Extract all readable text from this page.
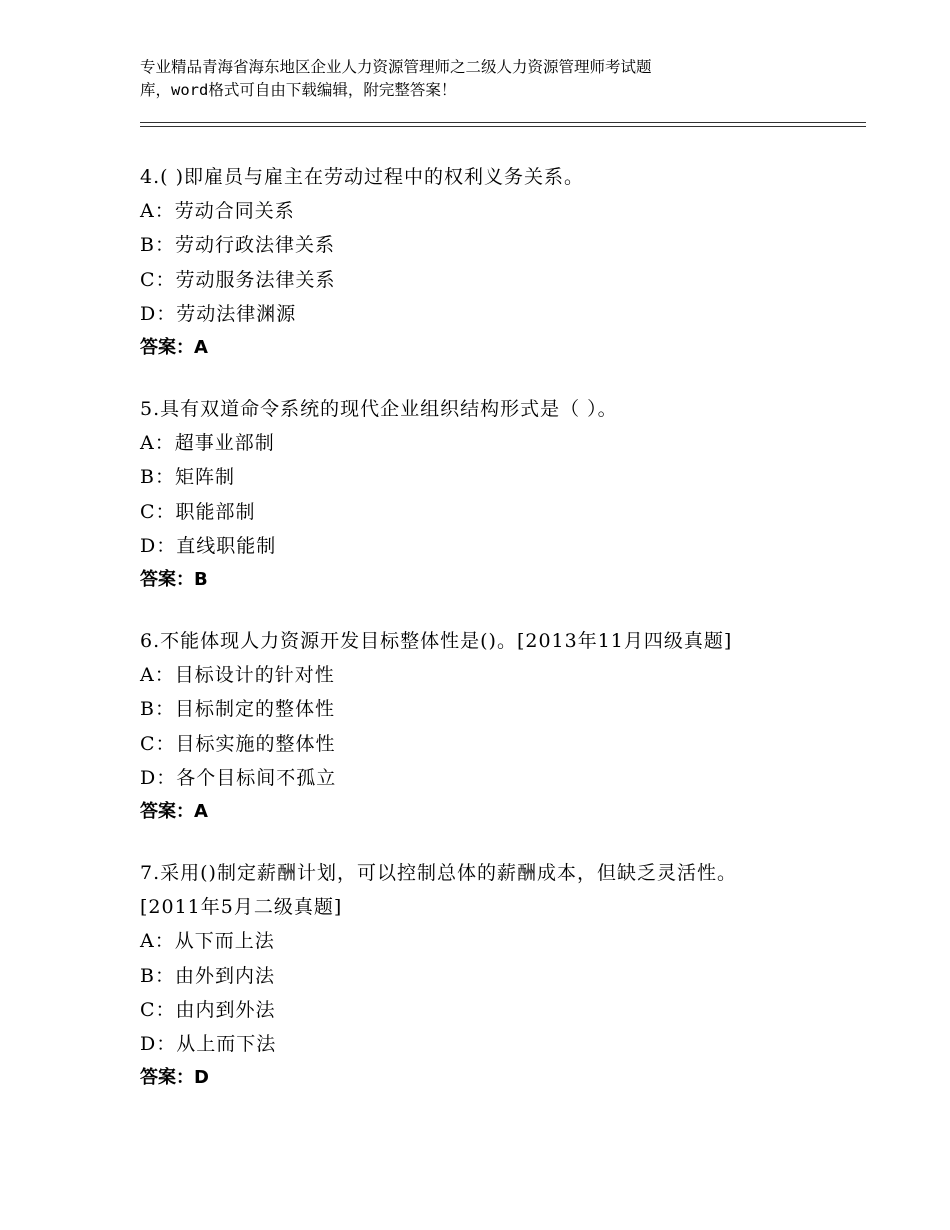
专业精品青海省海东地区企业人力资源管理师之二级人力资源管理师考试题
库，word格式可自由下载编辑，附完整答案！
4.( )即雇员与雇主在劳动过程中的权利义务关系。
A：劳动合同关系
B：劳动行政法律关系
C：劳动服务法律关系
D：劳动法律渊源
答案：A
5.具有双道命令系统的现代企业组织结构形式是（ ）。
A：超事业部制
B：矩阵制
C：职能部制
D：直线职能制
答案：B
6.不能体现人力资源开发目标整体性是()。[2013年11月四级真题]
A：目标设计的针对性
B：目标制定的整体性
C：目标实施的整体性
D：各个目标间不孤立
答案：A
7.采用()制定薪酬计划，可以控制总体的薪酬成本，但缺乏灵活性。
[2011年5月二级真题]
A：从下而上法
B：由外到内法
C：由内到外法
D：从上而下法
答案：D
